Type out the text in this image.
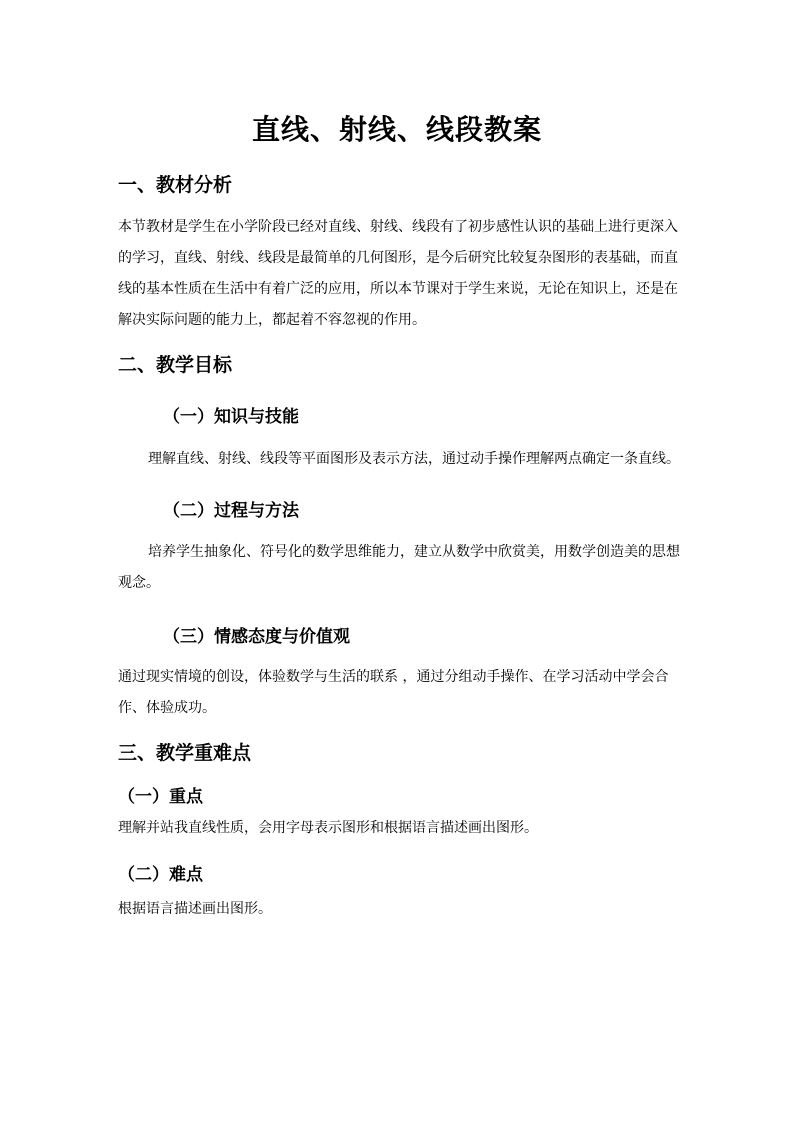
直线、射线、线段教案
一、教材分析
本节教材是学生在小学阶段已经对直线、射线、线段有了初步感性认识的基础上进行更深入
的学习，直线、射线、线段是最简单的几何图形，是今后研究比较复杂图形的表基础，而直
线的基本性质在生活中有着广泛的应用，所以本节课对于学生来说，无论在知识上，还是在
解决实际问题的能力上，都起着不容忽视的作用。
二、教学目标
（一）知识与技能
理解直线、射线、线段等平面图形及表示方法，通过动手操作理解两点确定一条直线。
（二）过程与方法
培养学生抽象化、符号化的数学思维能力，建立从数学中欣赏美，用数学创造美的思想
观念。
（三）情感态度与价值观
通过现实情境的创设，体验数学与生活的联系 ，通过分组动手操作、在学习活动中学会合
作、体验成功。
三、教学重难点
（一）重点
理解并站我直线性质，会用字母表示图形和根据语言描述画出图形。
（二）难点
根据语言描述画出图形。
